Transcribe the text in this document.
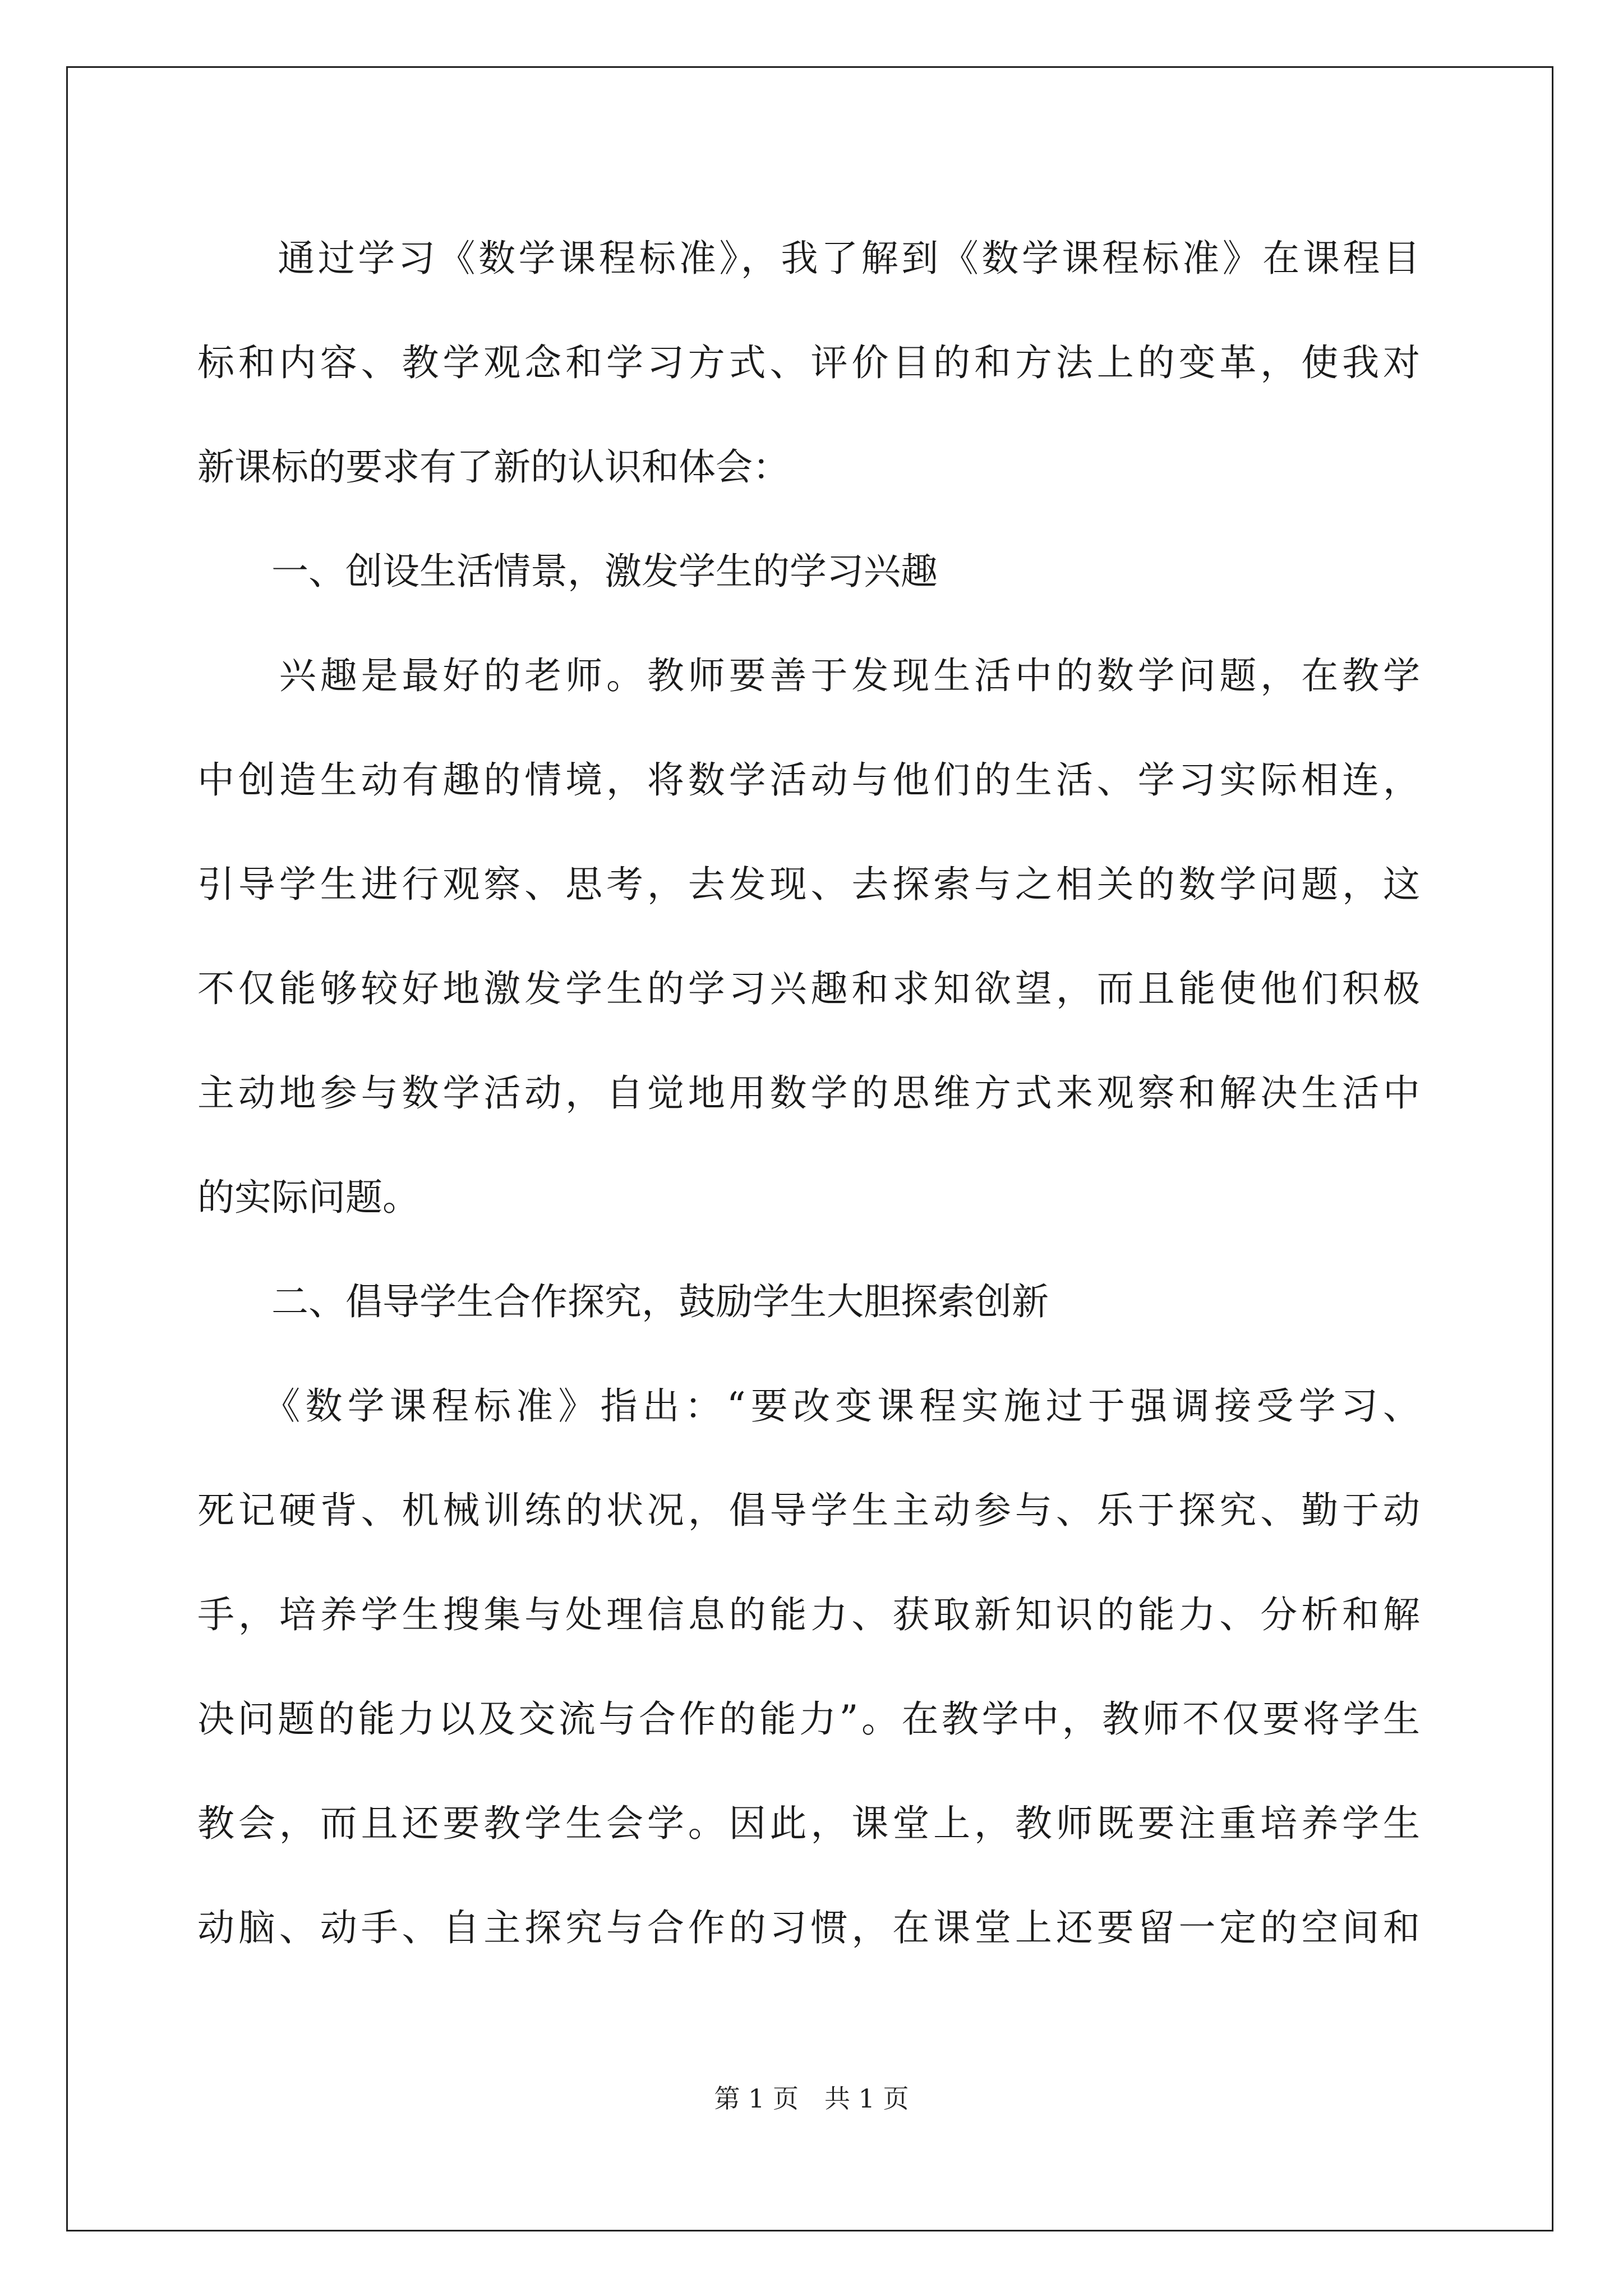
　　通过学习《数学课程标准》，我了解到《数学课程标准》在课程目
标和内容、教学观念和学习方式、评价目的和方法上的变革，使我对
新课标的要求有了新的认识和体会：
　　一、创设生活情景，激发学生的学习兴趣
　　兴趣是最好的老师。教师要善于发现生活中的数学问题，在教学
中创造生动有趣的情境，将数学活动与他们的生活、学习实际相连，
引导学生进行观察、思考，去发现、去探索与之相关的数学问题，这
不仅能够较好地激发学生的学习兴趣和求知欲望，而且能使他们积极
主动地参与数学活动，自觉地用数学的思维方式来观察和解决生活中
的实际问题。
　　二、倡导学生合作探究，鼓励学生大胆探索创新
　　《数学课程标准》指出：“要改变课程实施过于强调接受学习、
死记硬背、机械训练的状况，倡导学生主动参与、乐于探究、勤于动
手，培养学生搜集与处理信息的能力、获取新知识的能力、分析和解
决问题的能力以及交流与合作的能力”。在教学中，教师不仅要将学生
教会，而且还要教学生会学。因此，课堂上，教师既要注重培养学生
动脑、动手、自主探究与合作的习惯，在课堂上还要留一定的空间和
第 1 页　共 1 页
